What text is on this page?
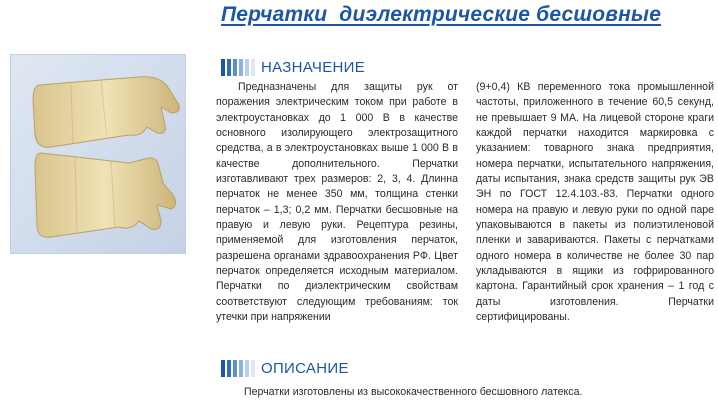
Перчатки  диэлектрические бесшовные
НАЗНАЧЕНИЕ

Предназначены для защиты рук от поражения электрическим током при работе в электроустановках до 1 000 В в качестве основного изолирующего электрозащитного средства, а в электроустановках выше 1 000 В в качестве дополнительного. Перчатки изготавливают трех размеров: 2, 3, 4. Длинна перчаток не менее 350 мм, толщина стенки перчаток – 1,3; 0,2 мм. Перчатки бесшовные на правую и левую руки. Рецептура резины, применяемой для изготовления перчаток, разрешена органами здравоохранения РФ. Цвет перчаток определяется исходным материалом. Перчатки по диэлектрическим свойствам соответствуют следующим требованиям: ток утечки при напряжении

(9+0,4) КВ переменного тока промышленной частоты, приложенного в течение 60,5 секунд, не превышает 9 МА. На лицевой стороне краги каждой перчатки находится маркировка с указанием: товарного знака предприятия, номера перчатки, испытательного напряжения, даты испытания, знака средств защиты рук ЭВ ЭН по ГОСТ 12.4.103.-83. Перчатки одного номера на правую и левую руки по одной паре упаковываются в пакеты из полиэтиленовой пленки и завариваются. Пакеты с перчатками одного номера в количестве не более 30 пар укладываются в ящики из гофрированного картона. Гарантийный срок хранения – 1 год с даты изготовления. Перчатки сертифицированы.

ОПИСАНИЕ
Перчатки изготовлены из высококачественного бесшовного латекса.
